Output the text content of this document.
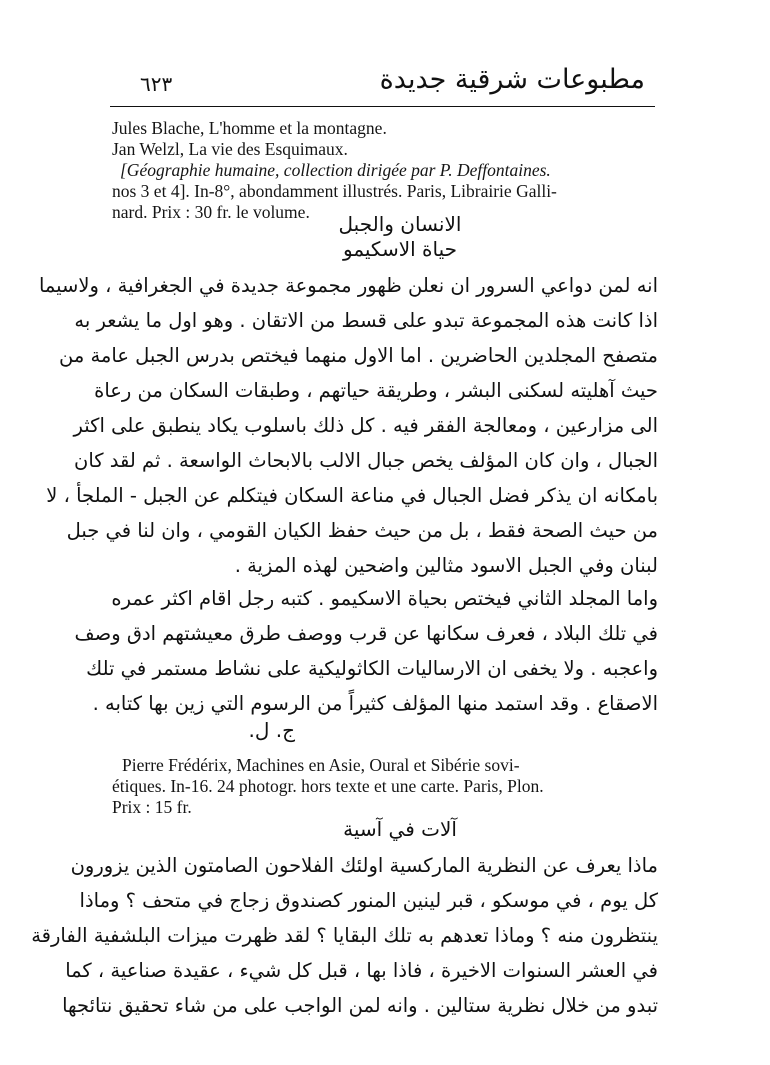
٦٢٣	مطبوعات شرقية جديدة
Jules Blache, L'homme et la montagne.
Jan Welzl, La vie des Esquimaux.
[Géographie humaine, collection dirigée par P. Deffontaines.
nos 3 et 4]. In-8°, abondamment illustrés. Paris, Librairie Galli-
nard. Prix : 30 fr. le volume.	الانسان والجبل
حياة الاسكيمو
انه لمن دواعي السرور ان نعلن ظهور مجموعة جديدة في الجغرافية ، ولاسيما
اذا كانت هذه المجموعة تبدو على قسط من الاتقان . وهو اول ما يشعر به
متصفح المجلدين الحاضرين . اما الاول منهما فيختص بدرس الجبل عامة من
حيث آهليته لسكنى البشر ، وطريقة حياتهم ، وطبقات السكان من رعاة
الى مزارعين ، ومعالجة الفقر فيه . كل ذلك باسلوب يكاد ينطبق على اكثر
الجبال ، وان كان المؤلف يخص جبال الالب بالابحاث الواسعة . ثم لقد كان
بامكانه ان يذكر فضل الجبال في مناعة السكان فيتكلم عن الجبل - الملجأ ، لا
من حيث الصحة فقط ، بل من حيث حفظ الكيان القومي ، وان لنا في جبل
لبنان وفي الجبل الاسود مثالين واضحين لهذه المزية .
واما المجلد الثاني فيختص بحياة الاسكيمو . كتبه رجل اقام اكثر عمره
في تلك البلاد ، فعرف سكانها عن قرب ووصف طرق معيشتهم ادق وصف
واعجبه . ولا يخفى ان الارساليات الكاثوليكية على نشاط مستمر في تلك
الاصقاع . وقد استمد منها المؤلف كثيراً من الرسوم التي زين بها كتابه .
ج. ل.
Pierre Frédérix, Machines en Asie, Oural et Sibérie sovi-
étiques. In-16. 24 photogr. hors texte et une carte. Paris, Plon.
Prix : 15 fr.
آلات في آسية
ماذا يعرف عن النظرية الماركسية اولئك الفلاحون الصامتون الذين يزورون
كل يوم ، في موسكو ، قبر لينين المنور كصندوق زجاج في متحف ؟ وماذا
ينتظرون منه ؟ وماذا تعدهم به تلك البقايا ؟ لقد ظهرت ميزات البلشفية الفارقة
في العشر السنوات الاخيرة ، فاذا بها ، قبل كل شيء ، عقيدة صناعية ، كما
تبدو من خلال نظرية ستالين . وانه لمن الواجب على من شاء تحقيق نتائجها
